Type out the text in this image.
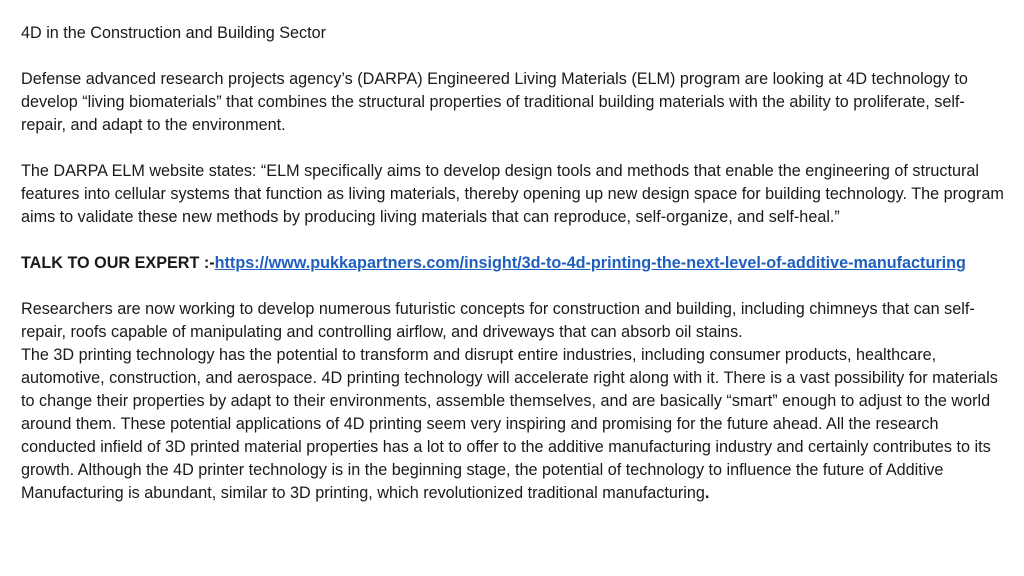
4D in the Construction and Building Sector

Defense advanced research projects agency’s (DARPA) Engineered Living Materials (ELM) program are looking at 4D technology to develop “living biomaterials” that combines the structural properties of traditional building materials with the ability to proliferate, self-repair, and adapt to the environment.

The DARPA ELM website states: “ELM specifically aims to develop design tools and methods that enable the engineering of structural features into cellular systems that function as living materials, thereby opening up new design space for building technology. The program aims to validate these new methods by producing living materials that can reproduce, self-organize, and self-heal.”

TALK TO OUR EXPERT :-https://www.pukkapartners.com/insight/3d-to-4d-printing-the-next-level-of-additive-manufacturing

Researchers are now working to develop numerous futuristic concepts for construction and building, including chimneys that can self-repair, roofs capable of manipulating and controlling airflow, and driveways that can absorb oil stains.

The 3D printing technology has the potential to transform and disrupt entire industries, including consumer products, healthcare, automotive, construction, and aerospace. 4D printing technology will accelerate right along with it. There is a vast possibility for materials to change their properties by adapt to their environments, assemble themselves, and are basically “smart” enough to adjust to the world around them. These potential applications of 4D printing seem very inspiring and promising for the future ahead. All the research conducted infield of 3D printed material properties has a lot to offer to the additive manufacturing industry and certainly contributes to its growth. Although the 4D printer technology is in the beginning stage, the potential of technology to influence the future of Additive Manufacturing is abundant, similar to 3D printing, which revolutionized traditional manufacturing.
